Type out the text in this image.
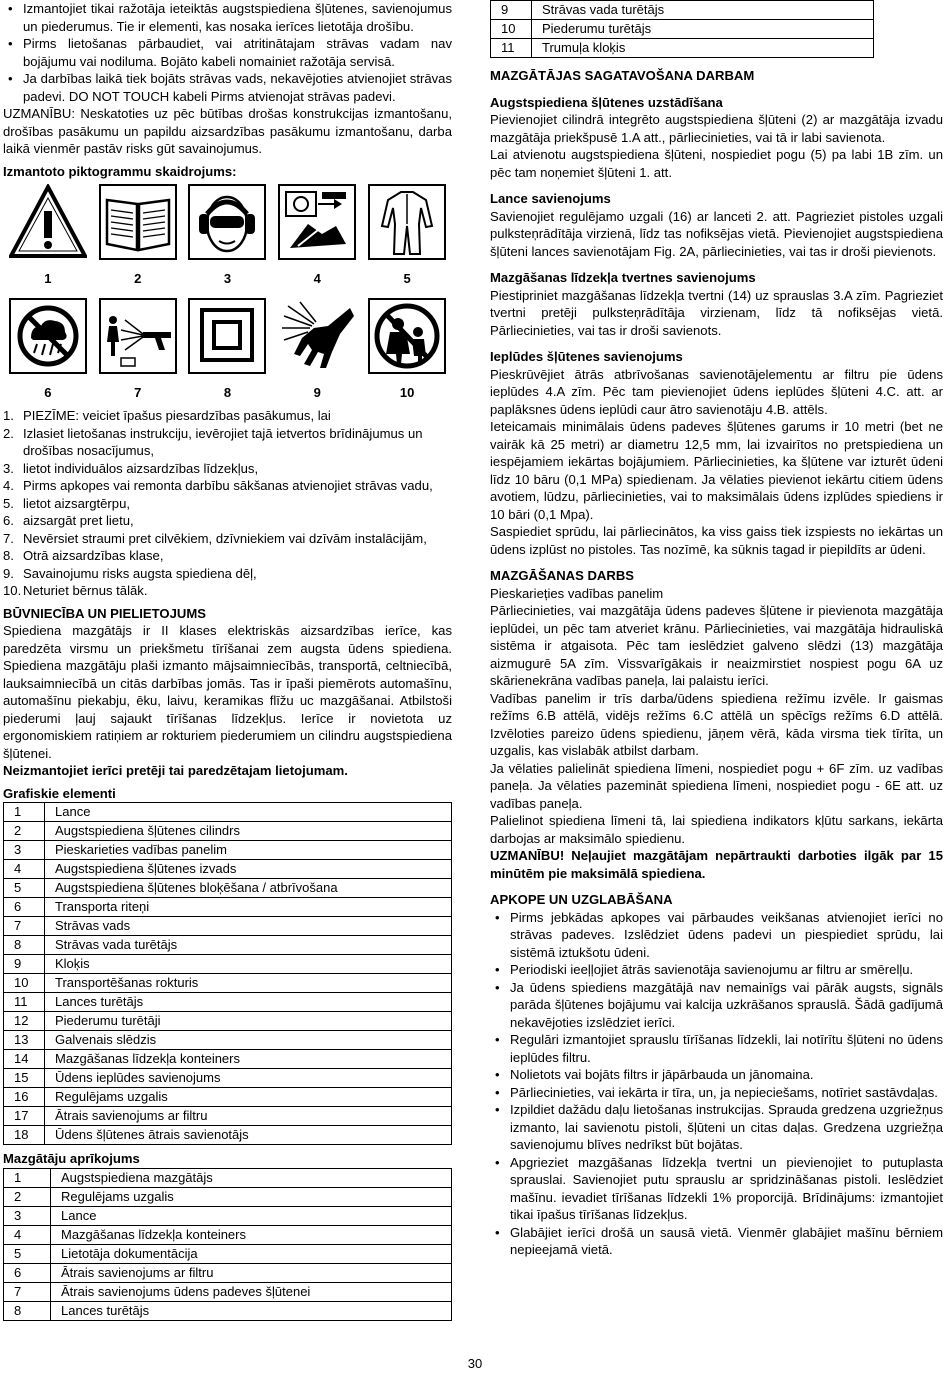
• Izmantojiet tikai ražotāja ieteiktās augstspiediena šļūtenes, savienojumus un piederumus. Tie ir elementi, kas nosaka ierīces lietotāja drošību.
• Pirms lietošanas pārbaudiet, vai atritinātajam strāvas vadam nav bojājumu vai nodiluma. Bojāto kabeli nomainiet ražotāja servisā.
• Ja darbības laikā tiek bojāts strāvas vads, nekavējoties atvienojiet strāvas padevi. DO NOT TOUCH kabeli Pirms atvienojat strāvas padevi.

UZMANĪBU: Neskatoties uz pēc būtības drošas konstrukcijas izmantošanu, drošības pasākumu un papildu aizsardzības pasākumu izmantošanu, darba laikā vienmēr pastāv risks gūt savainojumus.

Izmantoto piktogrammu skaidrojums:

1	2	3	4	5
6	7	8	9	10
1. PIEZĪME: veiciet īpašus piesardzības pasākumus, lai
2. Izlasiet lietošanas instrukciju, ievērojiet tajā ietvertos brīdinājumus un drošības nosacījumus,
3. lietot individuālos aizsardzības līdzekļus,
4. Pirms apkopes vai remonta darbību sākšanas atvienojiet strāvas vadu,
5. lietot aizsargtērpu,
6. aizsargāt pret lietu,
7. Nevērsiet straumi pret cilvēkiem, dzīvniekiem vai dzīvām instalācijām,
8. Otrā aizsardzības klase,
9. Savainojumu risks augsta spiediena dēļ,
10. Neturiet bērnus tālāk.

BŪVNIECĪBA UN PIELIETOJUMS

Spiediena mazgātājs ir II klases elektriskās aizsardzības ierīce, kas paredzēta virsmu un priekšmetu tīrīšanai zem augsta ūdens spiediena. Spiediena mazgātāju plaši izmanto mājsaimniecībās, transportā, celtniecībā, lauksaimniecībā un citās darbības jomās. Tas ir īpaši piemērots automašīnu, automašīnu piekabju, ēku, laivu, keramikas flīžu uc mazgāšanai. Atbilstoši piederumi ļauj sajaukt tīrīšanas līdzekļus. Ierīce ir novietota uz ergonomiskiem ratiņiem ar rokturiem piederumiem un cilindru augstspiediena šļūtenei.

Neizmantojiet ierīci pretēji tai paredzētajam lietojumam.

Grafiskie elementi

1	Lance
2	Augstspiediena šļūtenes cilindrs
3	Pieskarieties vadības panelim
4	Augstspiediena šļūtenes izvads
5	Augstspiediena šļūtenes bloķēšana / atbrīvošana
6	Transporta riteņi
7	Strāvas vads
8	Strāvas vada turētājs
9	Kloķis
10	Transportēšanas rokturis
11	Lances turētājs
12	Piederumu turētāji
13	Galvenais slēdzis
14	Mazgāšanas līdzekļa konteiners
15	Ūdens ieplūdes savienojums
16	Regulējams uzgalis
17	Ātrais savienojums ar filtru
18	Ūdens šļūtenes ātrais savienotājs

Mazgātāju aprīkojums

1	Augstspiediena mazgātājs
2	Regulējams uzgalis
3	Lance
4	Mazgāšanas līdzekļa konteiners
5	Lietotāja dokumentācija
6	Ātrais savienojums ar filtru
7	Ātrais savienojums ūdens padeves šļūtenei
8	Lances turētājs
9	Strāvas vada turētājs
10	Piederumu turētājs
11	Trumuļa kloķis

MAZGĀTĀJAS SAGATAVOŠANA DARBAM

Augstspiediena šļūtenes uzstādīšana

Pievienojiet cilindrā integrēto augstspiediena šļūteni (2) ar mazgātāja izvadu mazgātāja priekšpusē 1.A att., pārliecinieties, vai tā ir labi savienota.

Lai atvienotu augstspiediena šļūteni, nospiediet pogu (5) pa labi 1B zīm. un pēc tam noņemiet šļūteni 1. att.

Lance savienojums

Savienojiet regulējamo uzgali (16) ar lanceti 2. att. Pagrieziet pistoles uzgali pulksteņrādītāja virzienā, līdz tas nofiksējas vietā. Pievienojiet augstspiediena šļūteni lances savienotājam Fig. 2A, pārliecinieties, vai tas ir droši pievienots.

Mazgāšanas līdzekļa tvertnes savienojums

Piestipriniet mazgāšanas līdzekļa tvertni (14) uz sprauslas 3.A zīm. Pagrieziet tvertni pretēji pulksteņrādītāja virzienam, līdz tā nofiksējas vietā. Pārliecinieties, vai tas ir droši savienots.

Ieplūdes šļūtenes savienojums

Pieskrūvējiet ātrās atbrīvošanas savienotājelementu ar filtru pie ūdens ieplūdes 4.A zīm. Pēc tam pievienojiet ūdens ieplūdes šļūteni 4.C. att. ar paplāksnes ūdens ieplūdi caur ātro savienotāju 4.B. attēls.

Ieteicamais minimālais ūdens padeves šļūtenes garums ir 10 metri (bet ne vairāk kā 25 metri) ar diametru 12,5 mm, lai izvairītos no pretspiediena un iespējamiem iekārtas bojājumiem. Pārliecinieties, ka šļūtene var izturēt ūdeni līdz 10 bāru (0,1 MPa) spiedienam. Ja vēlaties pievienot iekārtu citiem ūdens avotiem, lūdzu, pārliecinieties, vai to maksimālais ūdens izplūdes spiediens ir 10 bāri (0,1 Mpa).

Saspiediet sprūdu, lai pārliecinātos, ka viss gaiss tiek izspiests no iekārtas un ūdens izplūst no pistoles. Tas nozīmē, ka sūknis tagad ir piepildīts ar ūdeni.

MAZGĀŠANAS DARBS

Pieskariețies vadības panelim

Pārliecinieties, vai mazgātāja ūdens padeves šļūtene ir pievienota mazgātāja ieplūdei, un pēc tam atveriet krānu. Pārliecinieties, vai mazgātāja hidrauliskā sistēma ir atgaisota. Pēc tam ieslēdziet galveno slēdzi (13) mazgātāja aizmugurē 5A zīm. Vissvarīgākais ir neaizmirstiet nospiest pogu 6A uz skārienekrāna vadības paneļa, lai palaistu ierīci.

Vadības panelim ir trīs darba/ūdens spiediena režīmu izvēle. Ir gaismas režīms 6.B attēlā, vidējs režīms 6.C attēlā un spēcīgs režīms 6.D attēlā. Izvēloties pareizo ūdens spiedienu, jāņem vērā, kāda virsma tiek tīrīta, un uzgalis, kas vislabāk atbilst darbam.

Ja vēlaties palielināt spiediena līmeni, nospiediet pogu + 6F zīm. uz vadības paneļa. Ja vēlaties pazemināt spiediena līmeni, nospiediet pogu - 6E att. uz vadības paneļa.

Palielinot spiediena līmeni tā, lai spiediena indikators kļūtu sarkans, iekārta darbojas ar maksimālo spiedienu.

UZMANĪBU! Neļaujiet mazgātājam nepārtraukti darboties ilgāk par 15 minūtēm pie maksimālā spiediena.

APKOPE UN UZGLABĀŠANA

• Pirms jebkādas apkopes vai pārbaudes veikšanas atvienojiet ierīci no strāvas padeves. Izslēdziet ūdens padevi un piespiediet sprūdu, lai sistēmā iztukšotu ūdeni.
• Periodiski ieeļļojiet ātrās savienotāja savienojumu ar filtru ar smērelļu.
• Ja ūdens spiediens mazgātājā nav nemainīgs vai pārāk augsts, signāls parāda šļūtenes bojājumu vai kalcija uzkrāšanos sprauslā. Šādā gadījumā nekavējoties izslēdziet ierīci.
• Regulāri izmantojiet sprauslu tīrīšanas līdzekli, lai notīrītu šļūteni no ūdens ieplūdes filtru.
• Nolietots vai bojāts filtrs ir jāpārbauda un jānomaina.
• Pārliecinieties, vai iekārta ir tīra, un, ja nepieciešams, notīriet sastāvdaļas.
• Izpildiet dažādu daļu lietošanas instrukcijas. Sprauda gredzena uzgriežņus izmanto, lai savienotu pistoli, šļūteni un citas daļas. Gredzena uzgriežņa savienojumu blīves nedrīkst būt bojātas.
• Apgrieziet mazgāšanas līdzekļa tvertni un pievienojiet to putuplasta sprauslai. Savienojiet putu sprauslu ar spridzināšanas pistoli. Ieslēdziet mašīnu. ievadiet tīrīšanas līdzekli 1% proporcijā. Brīdinājums: izmantojiet tikai īpašus tīrīšanas līdzekļus.
• Glabājiet ierīci drošā un sausā vietā. Vienmēr glabājiet mašīnu bērniem nepieejamā vietā.
30
